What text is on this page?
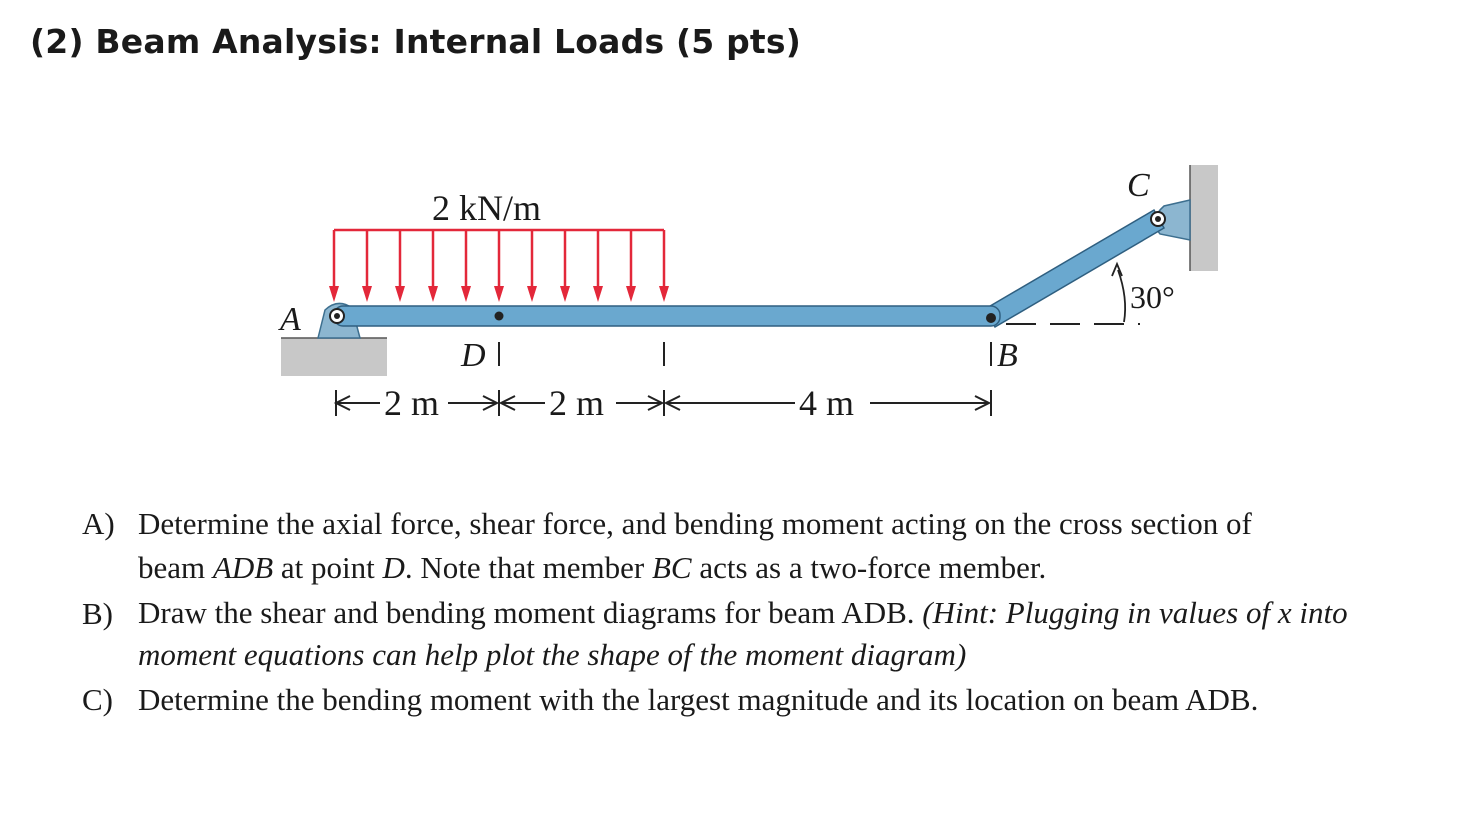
(2) Beam Analysis: Internal Loads (5 pts)
2 kN/m
A
C
D	B
30°
2 m	2 m	4 m
A) Determine the axial force, shear force, and bending moment acting on the cross section of
beam ADB at point D. Note that member BC acts as a two-force member.
B) Draw the shear and bending moment diagrams for beam ADB. (Hint: Plugging in values of x into
moment equations can help plot the shape of the moment diagram)
C) Determine the bending moment with the largest magnitude and its location on beam ADB.
